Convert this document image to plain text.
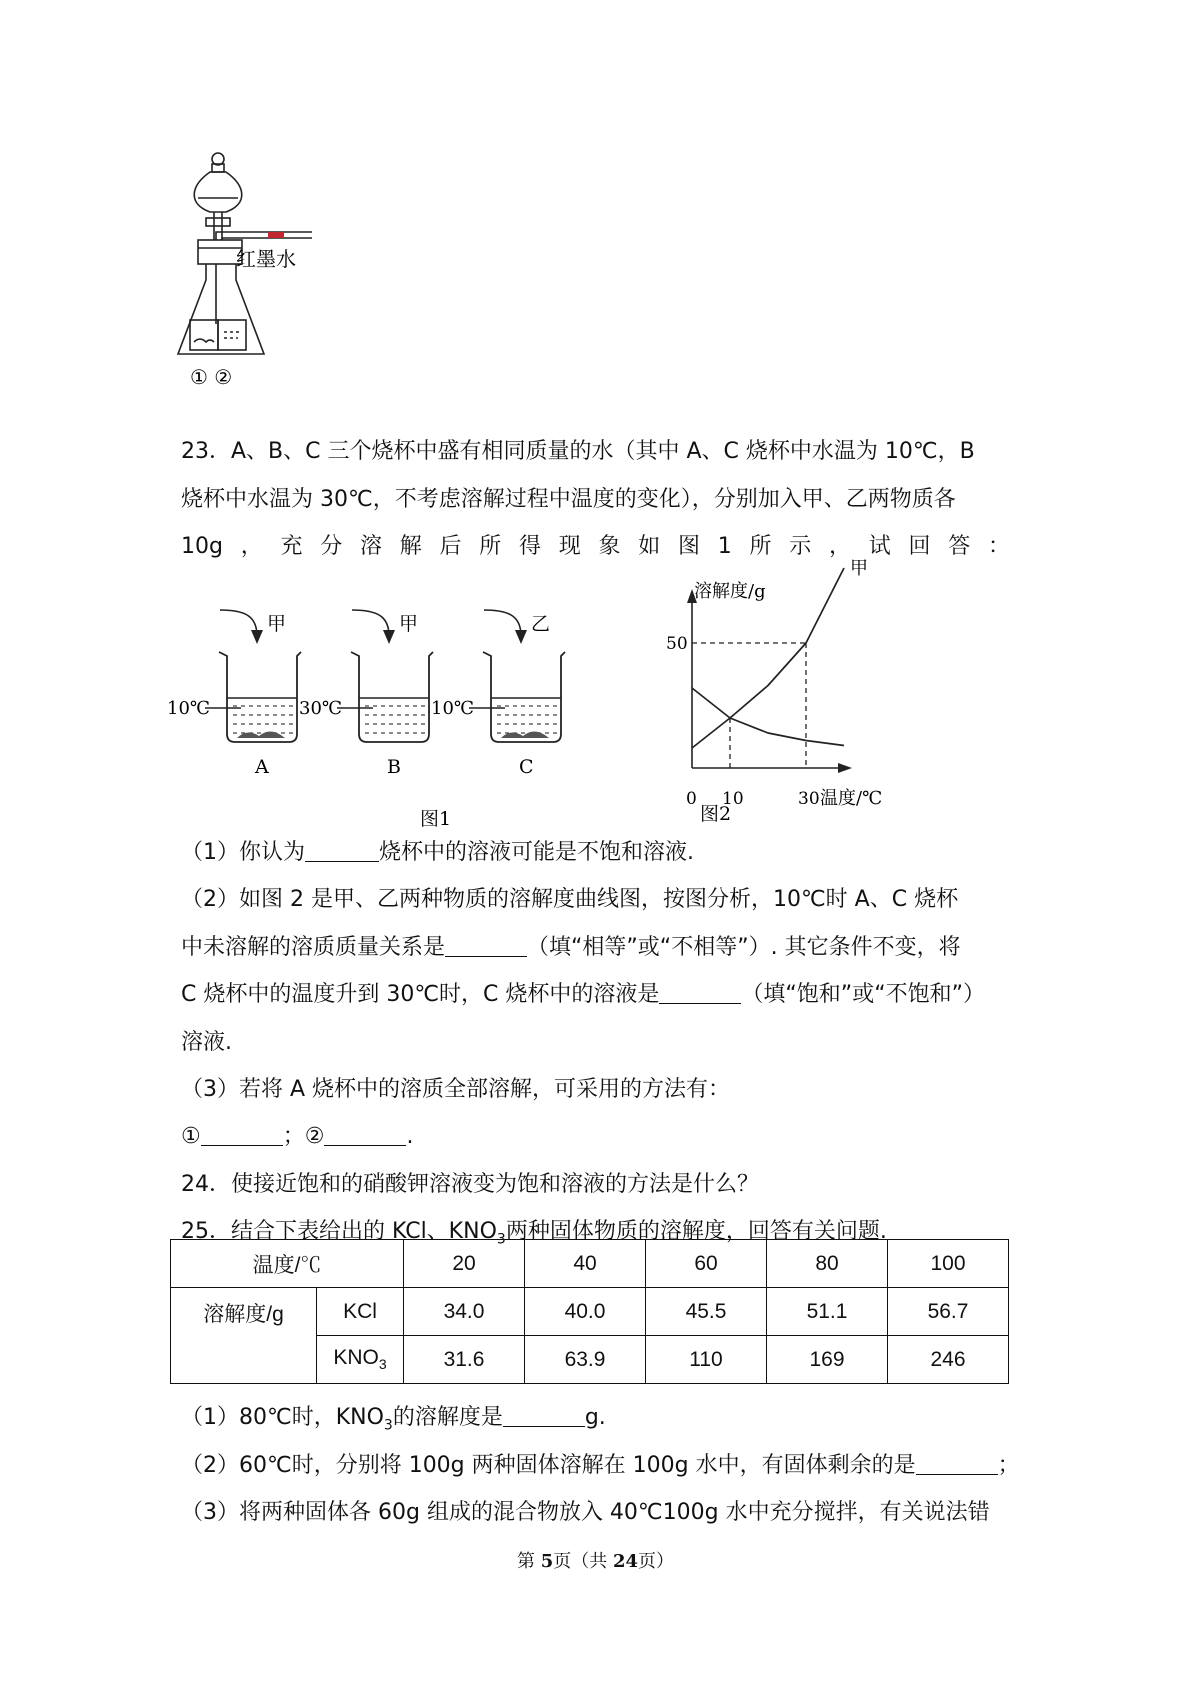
红墨水
① ②
23．A、B、C 三个烧杯中盛有相同质量的水（其中 A、C 烧杯中水温为 10℃，B
烧杯中水温为 30℃，不考虑溶解过程中温度的变化），分别加入甲、乙两物质各
10g ， 充 分 溶 解 后 所 得 现 象 如 图 1 所 示 ， 试 回 答 ：
甲
10℃
A
甲
30℃
B
乙
10℃
C
图1
溶解度/g
0 10	30 温度/℃
50
甲
图2
（1）你认为	烧杯中的溶液可能是不饱和溶液.
（2）如图 2 是甲、乙两种物质的溶解度曲线图，按图分析，10℃时 A、C 烧杯
中未溶解的溶质质量关系是	（填“相等”或“不相等”）. 其它条件不变，将
C 烧杯中的温度升到 30℃时，C 烧杯中的溶液是	（填“饱和”或“不饱和”）
溶液.
（3）若将 A 烧杯中的溶质全部溶解，可采用的方法有：
①	；②	.
24．使接近饱和的硝酸钾溶液变为饱和溶液的方法是什么？
25．结合下表给出的 KCl、$KNO_3$两种固体物质的溶解度，回答有关问题.
温度/℃		20	40	60	80	100
溶解度/g	KCl	34.0	40.0	45.5	51.1	56.7
	$KNO_3$	31.6	63.9	110	169	246
（1）80℃时，$KNO_3$的溶解度是	g.
（2）60℃时，分别将 100g 两种固体溶解在 100g 水中，有固体剩余的是	；
（3）将两种固体各 60g 组成的混合物放入 40℃100g 水中充分搅拌，有关说法错
第 5页（共 24页）
